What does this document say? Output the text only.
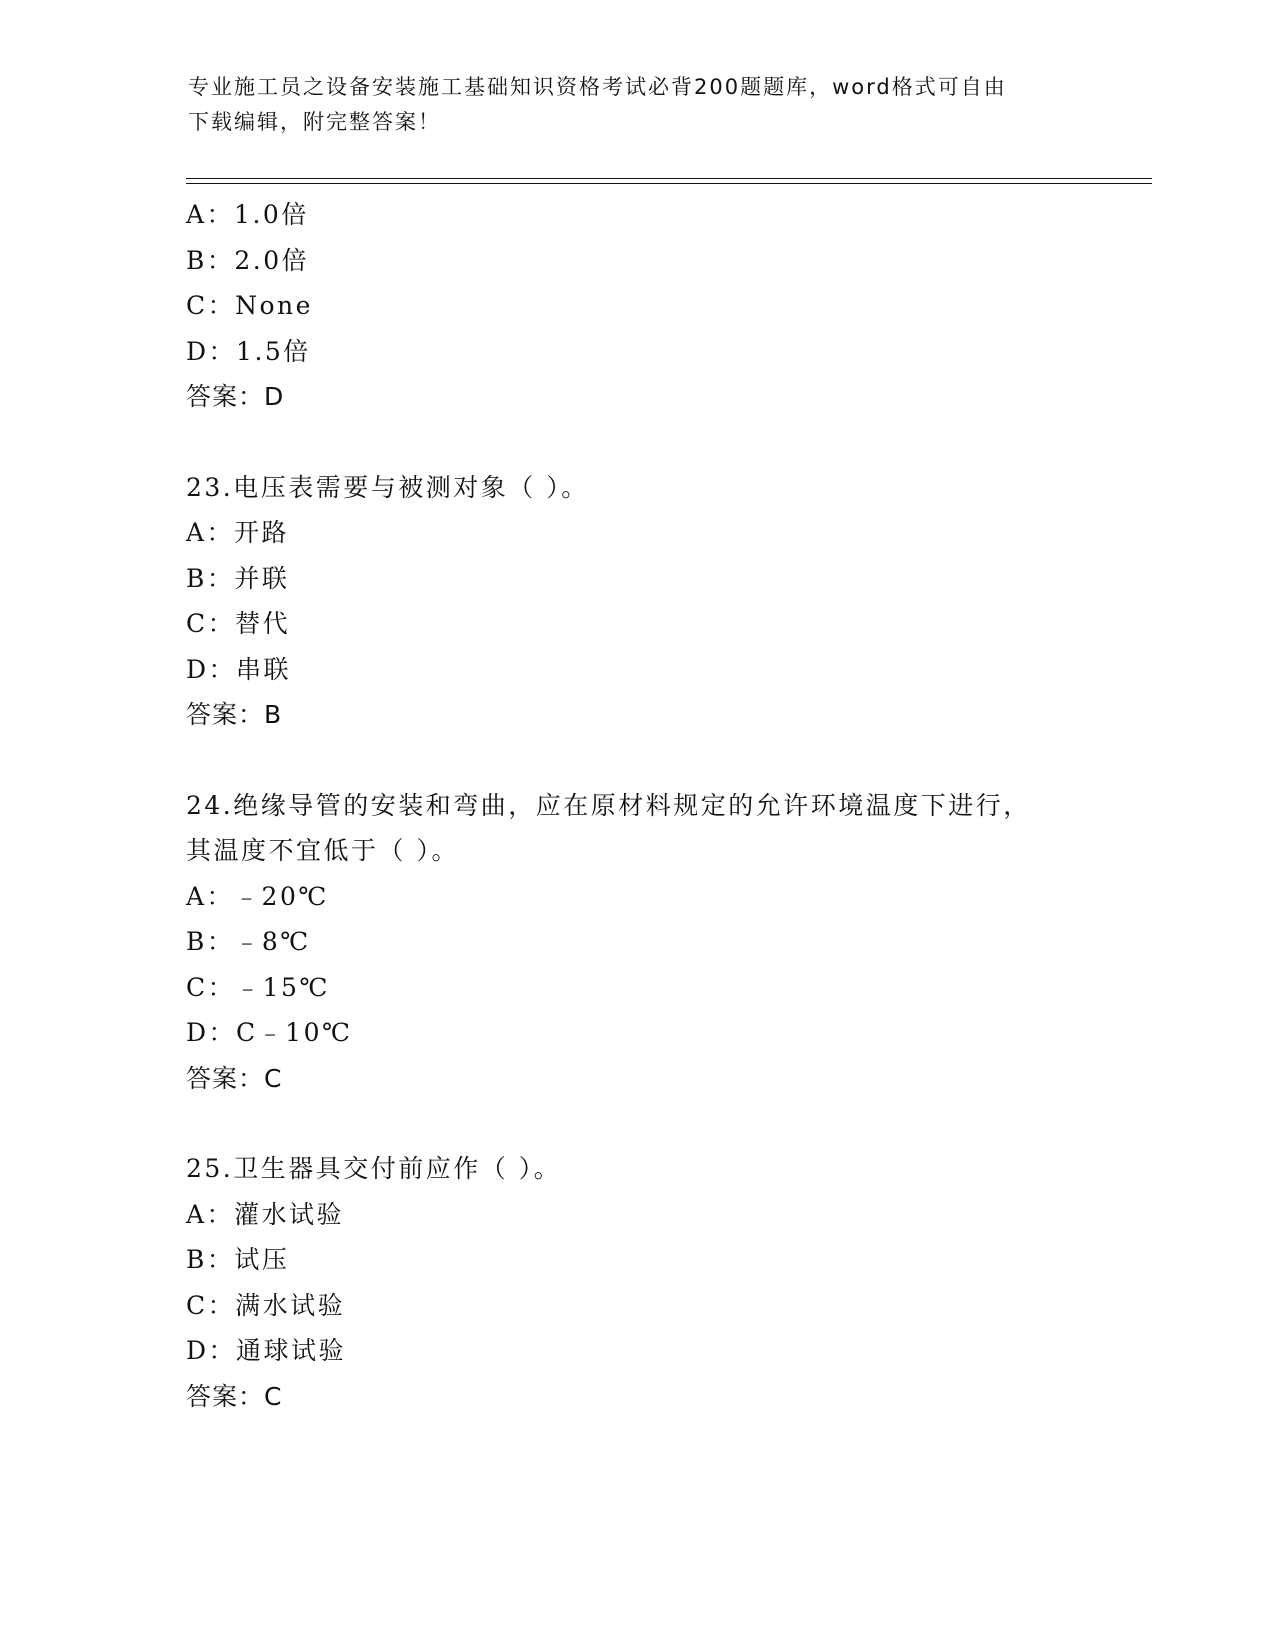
专业施工员之设备安装施工基础知识资格考试必背200题题库，word格式可自由
下载编辑，附完整答案！
A：1.0倍
B：2.0倍
C：None
D：1.5倍
答案：D
23.电压表需要与被测对象（ ）。
A：开路
B：并联
C：替代
D：串联
答案：B
24.绝缘导管的安装和弯曲，应在原材料规定的允许环境温度下进行，
其温度不宜低于（ ）。
A：﹣20℃
B：﹣8℃
C：﹣15℃
D：C﹣10℃
答案：C
25.卫生器具交付前应作（ ）。
A：灌水试验
B：试压
C：满水试验
D：通球试验
答案：C
